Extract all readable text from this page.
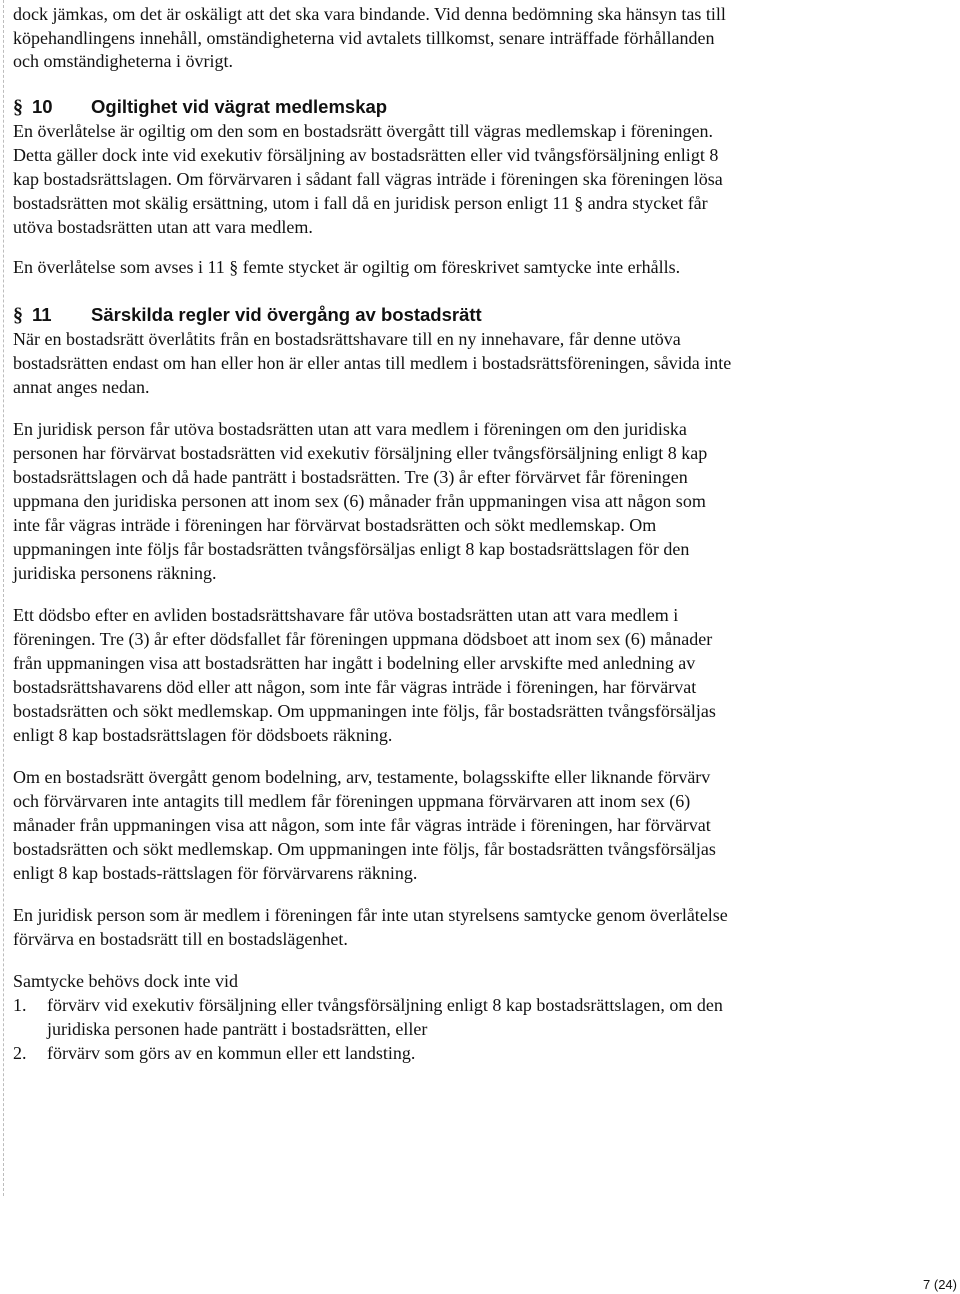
dock jämkas, om det är oskäligt att det ska vara bindande. Vid denna bedömning ska hänsyn tas till köpehandlingens innehåll, omständigheterna vid avtalets tillkomst, senare inträffade förhållanden och omständigheterna i övrigt.

§ 10	Ogiltighet vid vägrat medlemskap

En överlåtelse är ogiltig om den som en bostadsrätt övergått till vägras medlemskap i föreningen. Detta gäller dock inte vid exekutiv försäljning av bostadsrätten eller vid tvångsförsäljning enligt 8 kap bostadsrättslagen. Om förvärvaren i sådant fall vägras inträde i föreningen ska föreningen lösa bostadsrätten mot skälig ersättning, utom i fall då en juridisk person enligt 11 § andra stycket får utöva bostadsrätten utan att vara medlem.

En överlåtelse som avses i 11 § femte stycket är ogiltig om föreskrivet samtycke inte erhålls.

§ 11	Särskilda regler vid övergång av bostadsrätt

När en bostadsrätt överlåtits från en bostadsrättshavare till en ny innehavare, får denne utöva bostadsrätten endast om han eller hon är eller antas till medlem i bostadsrättsföreningen, såvida inte annat anges nedan.

En juridisk person får utöva bostadsrätten utan att vara medlem i föreningen om den juridiska personen har förvärvat bostadsrätten vid exekutiv försäljning eller tvångsförsäljning enligt 8 kap bostadsrättslagen och då hade panträtt i bostadsrätten. Tre (3) år efter förvärvet får föreningen uppmana den juridiska personen att inom sex (6) månader från uppmaningen visa att någon som inte får vägras inträde i föreningen har förvärvat bostadsrätten och sökt medlemskap. Om uppmaningen inte följs får bostadsrätten tvångsförsäljas enligt 8 kap bostadsrättslagen för den juridiska personens räkning.

Ett dödsbo efter en avliden bostadsrättshavare får utöva bostadsrätten utan att vara medlem i föreningen. Tre (3) år efter dödsfallet får föreningen uppmana dödsboet att inom sex (6) månader från uppmaningen visa att bostadsrätten har ingått i bodelning eller arvskifte med anledning av bostadsrättshavarens död eller att någon, som inte får vägras inträde i föreningen, har förvärvat bostadsrätten och sökt medlemskap. Om uppmaningen inte följs, får bostadsrätten tvångsförsäljas enligt 8 kap bostadsrättslagen för dödsboets räkning.

Om en bostadsrätt övergått genom bodelning, arv, testamente, bolagsskifte eller liknande förvärv och förvärvaren inte antagits till medlem får föreningen uppmana förvärvaren att inom sex (6) månader från uppmaningen visa att någon, som inte får vägras inträde i föreningen, har förvärvat bostadsrätten och sökt medlemskap. Om uppmaningen inte följs, får bostadsrätten tvångsförsäljas enligt 8 kap bostads-rättslagen för förvärvarens räkning.

En juridisk person som är medlem i föreningen får inte utan styrelsens samtycke genom överlåtelse förvärva en bostadsrätt till en bostadslägenhet.

Samtycke behövs dock inte vid

1.	förvärv vid exekutiv försäljning eller tvångsförsäljning enligt 8 kap bostadsrättslagen, om den juridiska personen hade panträtt i bostadsrätten, eller
2.	förvärv som görs av en kommun eller ett landsting.
7 (24)
